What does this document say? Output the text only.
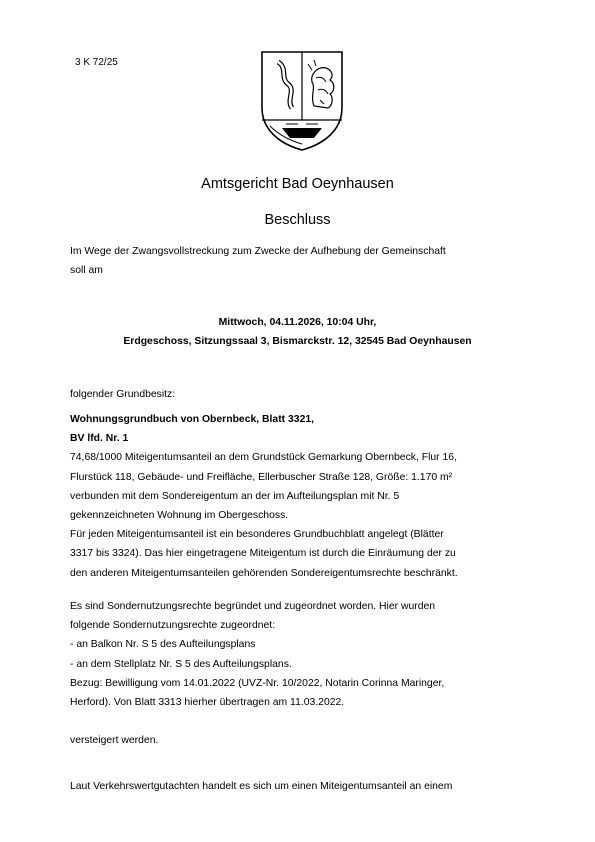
3 K 72/25
Amtsgericht Bad Oeynhausen
Beschluss
Im Wege der Zwangsvollstreckung zum Zwecke der Aufhebung der Gemeinschaft
soll am
Mittwoch, 04.11.2026, 10:04 Uhr,
Erdgeschoss, Sitzungssaal 3, Bismarckstr. 12, 32545 Bad Oeynhausen
folgender Grundbesitz:
Wohnungsgrundbuch von Obernbeck, Blatt 3321,
BV lfd. Nr. 1
74,68/1000 Miteigentumsanteil an dem Grundstück Gemarkung Obernbeck, Flur 16,
Flurstück 118, Gebäude- und Freifläche, Ellerbuscher Straße 128, Größe: 1.170 m²
verbunden mit dem Sondereigentum an der im Aufteilungsplan mit Nr. 5
gekennzeichneten Wohnung im Obergeschoss.
Für jeden Miteigentumsanteil ist ein besonderes Grundbuchblatt angelegt (Blätter
3317 bis 3324). Das hier eingetragene Miteigentum ist durch die Einräumung der zu
den anderen Miteigentumsanteilen gehörenden Sondereigentumsrechte beschränkt.
Es sind Sondernutzungsrechte begründet und zugeordnet worden. Hier wurden
folgende Sondernutzungsrechte zugeordnet:
- an Balkon Nr. S 5 des Aufteilungsplans
- an dem Stellplatz Nr. S 5 des Aufteilungsplans.
Bezug: Bewilligung vom 14.01.2022 (UVZ-Nr. 10/2022, Notarin Corinna Maringer,
Herford). Von Blatt 3313 hierher übertragen am 11.03.2022.
versteigert werden.
Laut Verkehrswertgutachten handelt es sich um einen Miteigentumsanteil an einem
